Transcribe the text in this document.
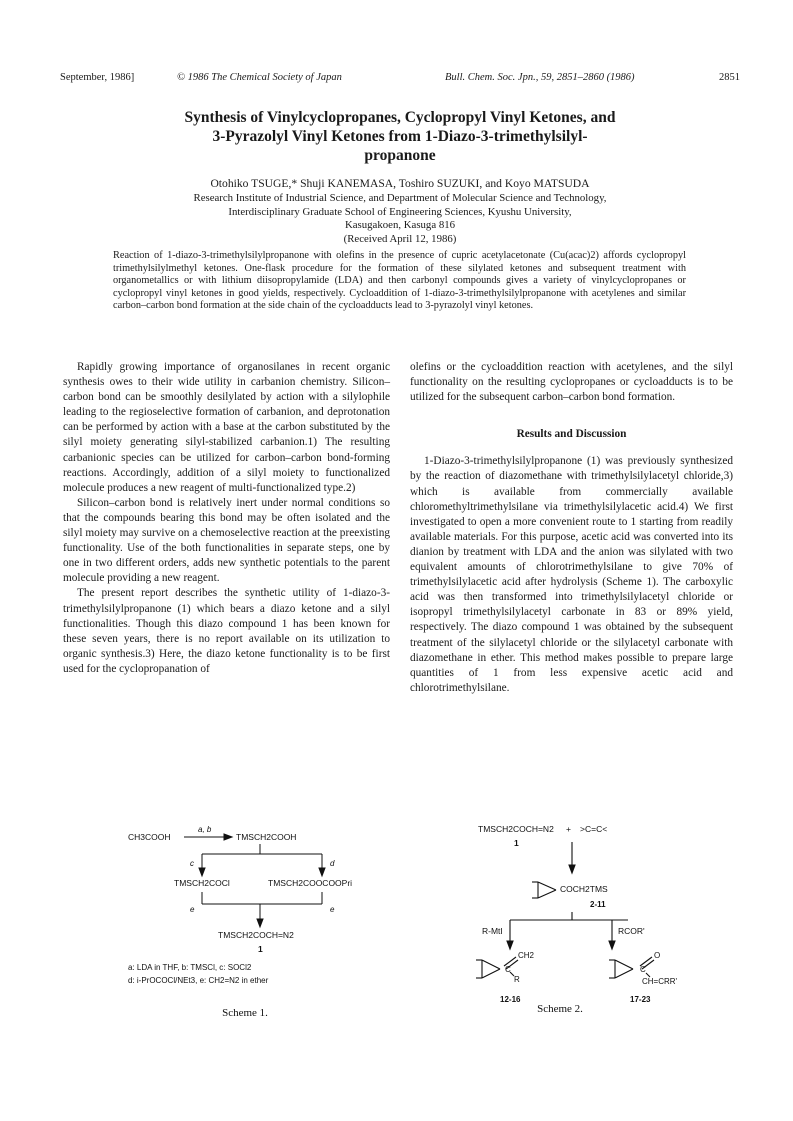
September, 1986]	© 1986 The Chemical Society of Japan	Bull. Chem. Soc. Jpn., 59, 2851–2860 (1986)	2851
Synthesis of Vinylcyclopropanes, Cyclopropyl Vinyl Ketones, and
3-Pyrazolyl Vinyl Ketones from 1-Diazo-3-trimethylsilyl-
propanone
Otohiko TSUGE,* Shuji KANEMASA, Toshiro SUZUKI, and Koyo MATSUDA
Research Institute of Industrial Science, and Department of Molecular Science and Technology,
Interdisciplinary Graduate School of Engineering Sciences, Kyushu University,
Kasugakoen, Kasuga 816
(Received April 12, 1986)
Reaction of 1-diazo-3-trimethylsilylpropanone with olefins in the presence of cupric acetylacetonate (Cu(acac)2) affords cyclopropyl trimethylsilylmethyl ketones. One-flask procedure for the formation of these silylated ketones and subsequent treatment with organometallics or with lithium diisopropylamide (LDA) and then carbonyl compounds gives a variety of vinylcyclopropanes or cyclopropyl vinyl ketones in good yields, respectively. Cycloaddition of 1-diazo-3-trimethylsilylpropanone with acetylenes and similar carbon–carbon bond formation at the side chain of the cycloadducts lead to 3-pyrazolyl vinyl ketones.

Rapidly growing importance of organosilanes in recent organic synthesis owes to their wide utility in carbanion chemistry. Silicon–carbon bond can be smoothly desilylated by action with a silylophile leading to the regioselective formation of carbanion, and deprotonation can be performed by action with a base at the carbon substituted by the silyl moiety generating silyl-stabilized carbanion.1) The resulting carbanionic species can be utilized for carbon–carbon bond-forming reactions. Accordingly, addition of a silyl moiety to functionalized molecule produces a new reagent of multi-functionalized type.2)

Silicon–carbon bond is relatively inert under normal conditions so that the compounds bearing this bond may be often isolated and the silyl moiety may survive on a chemoselective reaction at the preexisting functionality. Use of the both functionalities in separate steps, one by one in two different orders, adds new synthetic potentials to the parent molecule providing a new reagent.

The present report describes the synthetic utility of 1-diazo-3-trimethylsilylpropanone (1) which bears a diazo ketone and a silyl functionalities. Though this diazo compound 1 has been known for these seven years, there is no report available on its utilization to organic synthesis.3) Here, the diazo ketone functionality is to be first used for the cyclopropanation of

olefins or the cycloaddition reaction with acetylenes, and the silyl functionality on the resulting cyclopropanes or cycloadducts is to be utilized for the subsequent carbon–carbon bond formation.

Results and Discussion

1-Diazo-3-trimethylsilylpropanone (1) was previously synthesized by the reaction of diazomethane with trimethylsilylacetyl chloride,3) which is available from commercially available chloromethyltrimethylsilane via trimethylsilylacetic acid.4) We first investigated to open a more convenient route to 1 starting from readily available materials. For this purpose, acetic acid was converted into its dianion by treatment with LDA and the anion was silylated with two equivalent amounts of chlorotrimethylsilane to give 70% of trimethylsilylacetic acid after hydrolysis (Scheme 1). The carboxylic acid was then transformed into trimethylsilylacetyl chloride or isopropyl trimethylsilylacetyl carbonate in 83 or 89% yield, respectively. The diazo compound 1 was obtained by the subsequent treatment of the silylacetyl chloride or the silylacetyl carbonate with diazomethane in ether. This method makes possible to prepare large quantities of 1 from less expensive acetic acid and chlorotrimethylsilane.

CH3COOH
a, b
TMSCH2COOH
c	d
TMSCH2COCl	TMSCH2COOCOOPri
e	e
TMSCH2COCH=N2
1
a: LDA in THF, b: TMSCl, c: SOCl2
d: i-PrOCOCl/NEt3, e: CH2=N2 in ether
Scheme 1.
TMSCH2COCH=N2 + >C=C<
1
COCH2TMS
2-11
R-MtI	RCOR'
CH2
C
R
12-16
O
C
CH=CRR'
17-23
Scheme 2.
